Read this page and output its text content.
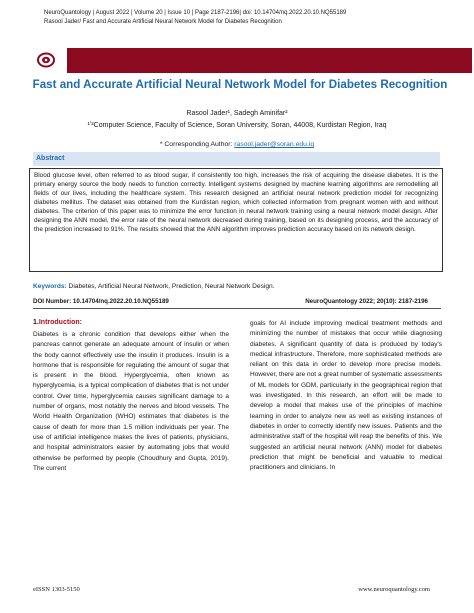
NeuroQuantology | August 2022 | Volume 20 | Issue 10 | Page 2187-2196| doi: 10.14704/nq.2022.20.10.NQ55189
Rasool Jader/ Fast and Accurate Artificial Neural Network Model for Diabetes Recognition
Fast and Accurate Artificial Neural Network Model for Diabetes Recognition
Rasool Jader¹, Sadegh Aminifar²
¹ʼ²Computer Science, Faculty of Science, Soran University, Soran, 44008, Kurdistan Region, Iraq
* Corresponding Author: rasool.jader@soran.edu.iq
Abstract
Blood glucose level, often referred to as blood sugar, if consistently too high, increases the risk of acquiring the disease diabetes. It is the primary energy source the body needs to function correctly. Intelligent systems designed by machine learning algorithms are remodelling all fields of our lives, including the healthcare system. This research designed an artificial neural network prediction model for recognizing diabetes mellitus. The dataset was obtained from the Kurdistan region, which collected information from pregnant women with and without diabetes. The criterion of this paper was to minimize the error function in neural network training using a neural network model design. After designing the ANN model, the error rate of the neural network decreased during training, based on its designing process, and the accuracy of the prediction increased to 91%. The results showed that the ANN algorithm improves prediction accuracy based on its network design.
Keywords: Diabetes, Artificial Neural Network, Prediction, Neural Network Design.
DOI Number: 10.14704/nq.2022.20.10.NQ55189	NeuroQuantology 2022; 20(10): 2187-2196
1.Introduction:
Diabetes is a chronic condition that develops either when the pancreas cannot generate an adequate amount of insulin or when the body cannot effectively use the insulin it produces. Insulin is a hormone that is responsible for regulating the amount of sugar that is present in the blood. Hyperglycemia, often known as hyperglycemia, is a typical complication of diabetes that is not under control. Over time, hyperglycemia causes significant damage to a number of organs, most notably the nerves and blood vessels. The World Health Organization (WHO) estimates that diabetes is the cause of death for more than 1.5 million individuals per year. The use of artificial intelligence makes the lives of patients, physicians, and hospital administrators easier by automating jobs that would otherwise be performed by people (Choudhury and Gupta, 2019). The current
goals for AI include improving medical treatment methods and minimizing the number of mistakes that occur while diagnosing diabetes. A significant quantity of data is produced by today's medical infrastructure. Therefore, more sophisticated methods are reliant on this data in order to develop more precise models. However, there are not a great number of systematic assessments of ML models for GDM, particularly in the geographical region that was investigated. In this research, an effort will be made to develop a model that makes use of the principles of machine learning in order to analyze new as well as existing instances of diabetes in order to correctly identify new issues. Patients and the administrative staff of the hospital will reap the benefits of this. We suggested an artificial neural network (ANN) model for diabetes prediction that might be beneficial and valuable to medical practitioners and clinicians. In
eISSN 1303-5150	www.neuroquantology.com
